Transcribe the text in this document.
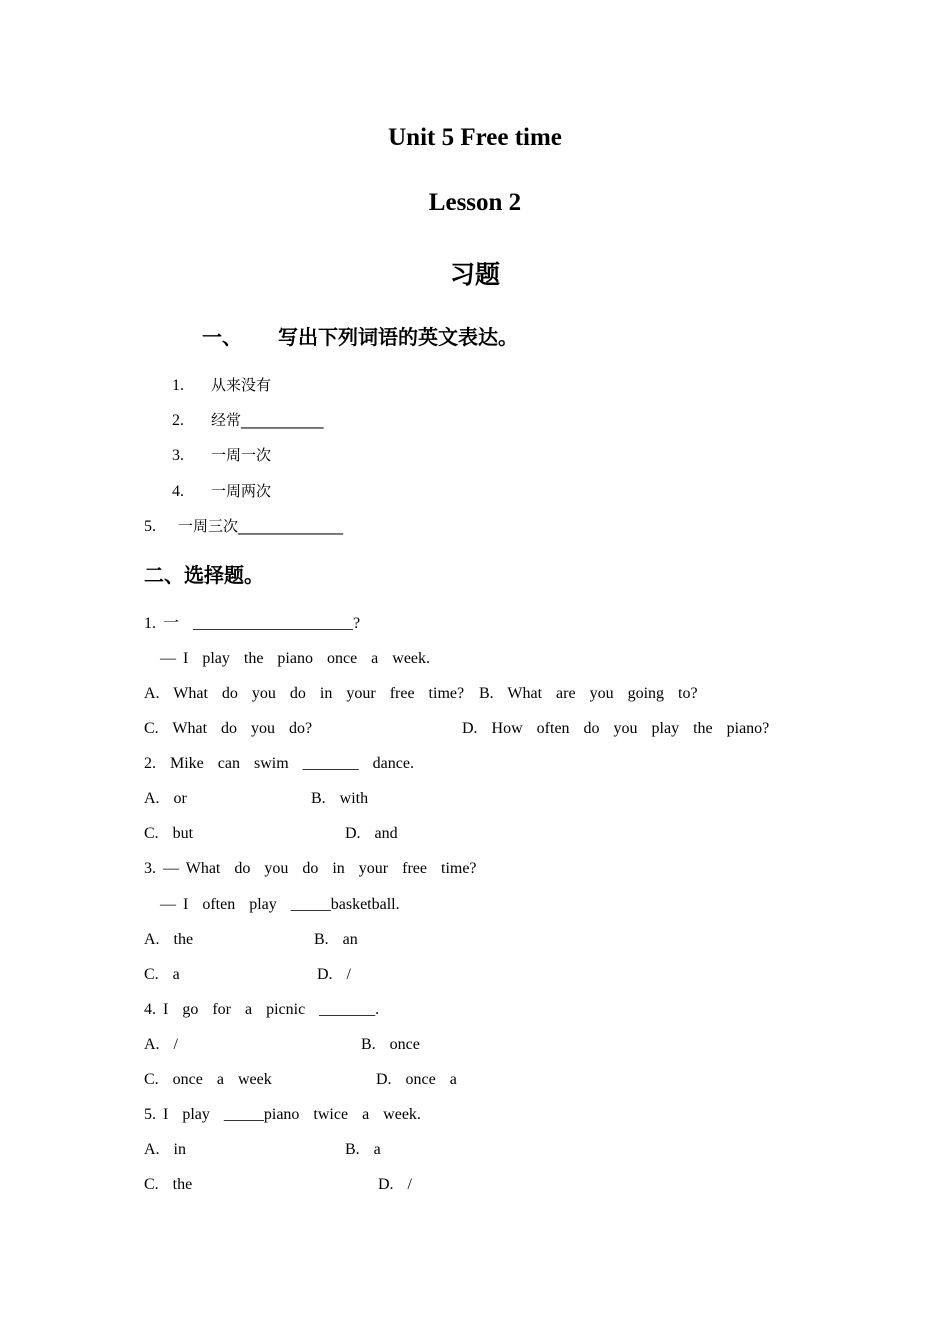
Unit 5 Free time
Lesson 2
习题
一、 写出下列词语的英文表达。
1. 从来没有
2. 经常___________
3. 一周一次
4. 一周两次
5. 一周三次______________
二、选择题。
1. 一  ____________________?
— I  play  the  piano  once  a  week.
A.  What  do  you  do  in  your  free  time? B.  What  are  you  going  to?
C.  What  do  you  do?	D.  How  often  do  you  play  the  piano?
2.  Mike  can  swim  _______  dance.
A.  or	B.  with
C.  but	D.  and
3. — What  do  you  do  in  your  free  time?
— I  often  play  _____basketball.
A.  the	B.  an
C.  a	D.  /
4. I  go  for  a  picnic  _______.
A.  /	B.  once
C.  once  a  week	D.  once  a
5. I  play  _____piano  twice  a  week.
A.  in	B.  a
C.  the	D.  /
